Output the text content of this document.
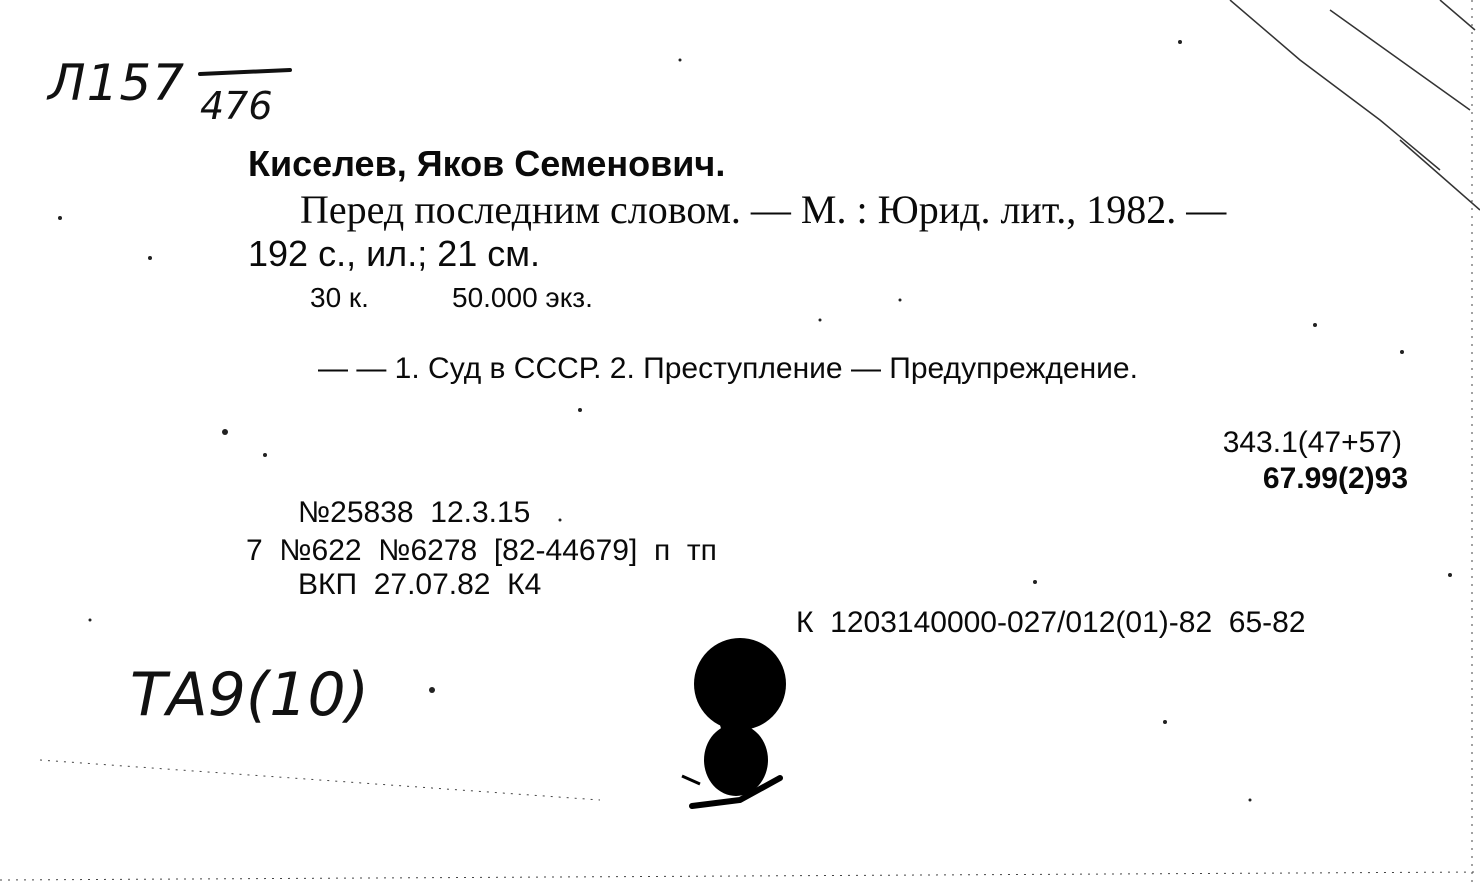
Л157 476
ТА9(10)
Киселев, Яков Семенович.
Перед последним словом. — М. : Юрид. лит., 1982. —
192 с., ил.; 21 см.
30 к.	50.000 экз.
— — 1. Суд в СССР. 2. Преступление — Предупреждение.
343.1(47+57)
67.99(2)93
№25838  12.3.15
7  №622  №6278  [82-44679]  п  тп
ВКП  27.07.82  К4
К  1203140000-027/012(01)-82  65-82
